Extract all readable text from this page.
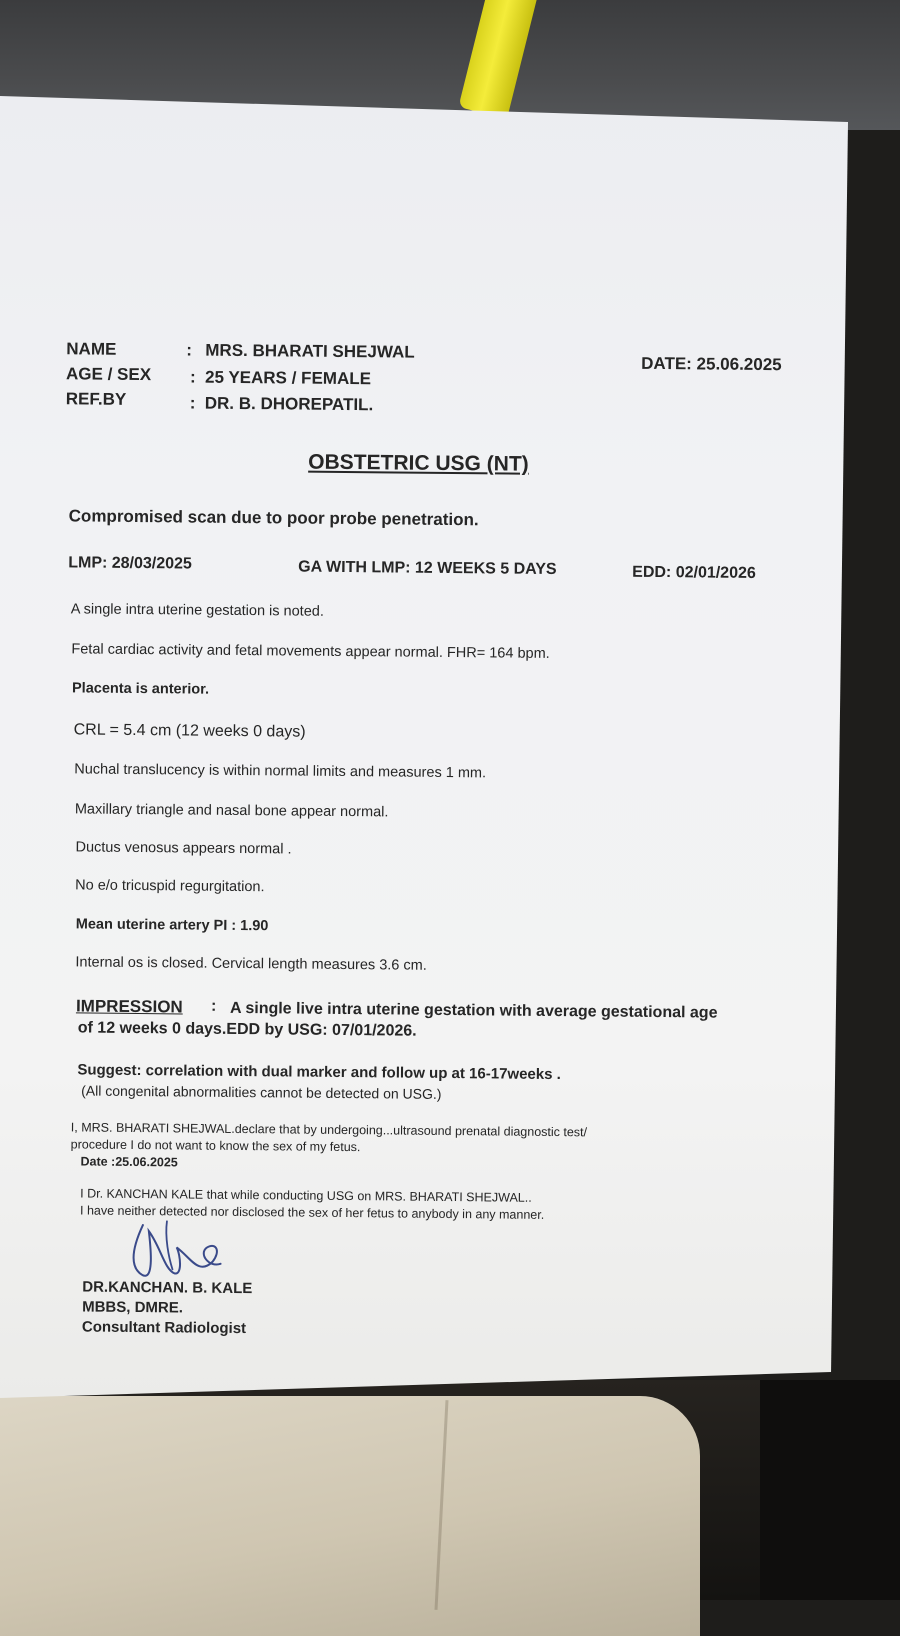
NAME	: MRS. BHARATI SHEJWAL
AGE / SEX : 25 YEARS / FEMALE
REF.BY	: DR. B. DHOREPATIL.
DATE: 25.06.2025
OBSTETRIC USG (NT)
Compromised scan due to poor probe penetration.
LMP: 28/03/2025	GA WITH LMP: 12 WEEKS 5 DAYS	EDD: 02/01/2026
A single intra uterine gestation is noted.
Fetal cardiac activity and fetal movements appear normal. FHR= 164 bpm.
Placenta is anterior.
CRL = 5.4 cm (12 weeks 0 days)
Nuchal translucency is within normal limits and measures 1 mm.
Maxillary triangle and nasal bone appear normal.
Ductus venosus appears normal .
No e/o tricuspid regurgitation.
Mean uterine artery PI : 1.90
Internal os is closed. Cervical length measures 3.6 cm.
IMPRESSION : A single live intra uterine gestation with average gestational age
of 12 weeks 0 days.EDD by USG: 07/01/2026.
Suggest: correlation with dual marker and follow up at 16-17weeks .
(All congenital abnormalities cannot be detected on USG.)
I, MRS. BHARATI SHEJWAL.declare that by undergoing...ultrasound prenatal diagnostic test/
procedure I do not want to know the sex of my fetus.
Date :25.06.2025
I Dr. KANCHAN KALE that while conducting USG on MRS. BHARATI SHEJWAL..
I have neither detected nor disclosed the sex of her fetus to anybody in any manner.
DR.KANCHAN. B. KALE
MBBS, DMRE.
Consultant Radiologist
